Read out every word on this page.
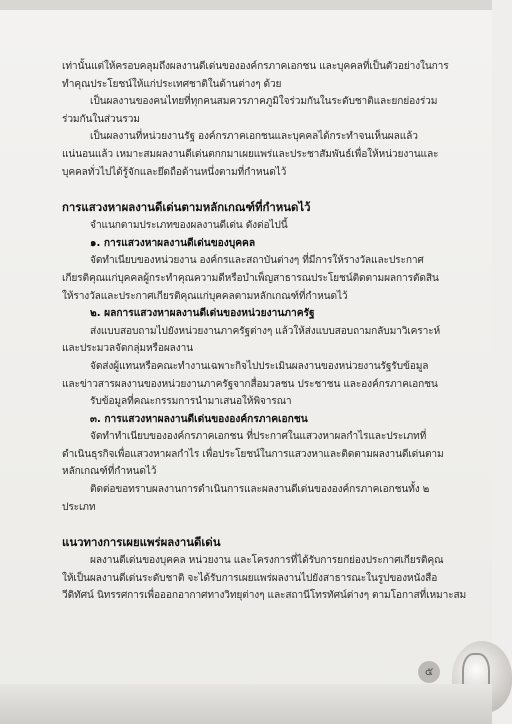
เท่านั้นแต่ให้ครอบคลุมถึงผลงานดีเด่นขององค์กรภาคเอกชน และบุคคลที่เป็นตัวอย่างในการ
ทำคุณประโยชน์ให้แก่ประเทศชาติในด้านต่างๆ ด้วย
เป็นผลงานของคนไทยที่ทุกคนสมควรภาคภูมิใจร่วมกันในระดับชาติและยกย่องร่วม
ร่วมกันในส่วนรวม
เป็นผลงานที่หน่วยงานรัฐ องค์กรภาคเอกชนและบุคคลได้กระทำจนเห็นผลแล้ว
แน่นอนแล้ว เหมาะสมผลงานดีเด่นตกกมาเผยแพร่และประชาสัมพันธ์เพื่อให้หน่วยงานและ
บุคคลทั่วไปได้รู้จักและยึดถือด้านหนึ่งตามที่กำหนดไว้
การแสวงหาผลงานดีเด่นตามหลักเกณฑ์ที่กำหนดไว้
จำแนกตามประเภทของผลงานดีเด่น ดังต่อไปนี้
๑. การแสวงหาผลงานดีเด่นของบุคคล
จัดทำเนียบของหน่วยงาน องค์กรและสถาบันต่างๆ ที่มีการให้รางวัลและประกาศ
เกียรติคุณแก่บุคคลผู้กระทำคุณความดีหรือบำเพ็ญสาธารณประโยชน์ติดตามผลการตัดสิน
ให้รางวัลและประกาศเกียรติคุณแก่บุคคลตามหลักเกณฑ์ที่กำหนดไว้
๒. ผลการแสวงหาผลงานดีเด่นของหน่วยงานภาครัฐ
ส่งแบบสอบถามไปยังหน่วยงานภาครัฐต่างๆ แล้วให้ส่งแบบสอบถามกลับมาวิเคราะห์
และประมวลจัดกลุ่มหรือผลงาน
จัดส่งผู้แทนหรือคณะทำงานเฉพาะกิจไปประเมินผลงานของหน่วยงานรัฐรับข้อมูล
และข่าวสารผลงานของหน่วยงานภาครัฐจากสื่อมวลชน ประชาชน และองค์กรภาคเอกชน
รับข้อมูลที่คณะกรรมการนำมาเสนอให้พิจารณา
๓. การแสวงหาผลงานดีเด่นขององค์กรภาคเอกชน
จัดทำทำเนียบขององค์กรภาคเอกชน ที่ประกาศในแสวงหาผลกำไรและประเภทที่
ดำเนินธุรกิจเพื่อแสวงหาผลกำไร เพื่อประโยชน์ในการแสวงหาและติดตามผลงานดีเด่นตาม
หลักเกณฑ์ที่กำหนดไว้
ติดต่อขอทราบผลงานการดำเนินการและผลงานดีเด่นขององค์กรภาคเอกชนทั้ง ๒
ประเภท
แนวทางการเผยแพร่ผลงานดีเด่น
ผลงานดีเด่นของบุคคล หน่วยงาน และโครงการที่ได้รับการยกย่องประกาศเกียรติคุณ
ให้เป็นผลงานดีเด่นระดับชาติ จะได้รับการเผยแพร่ผลงานไปยังสาธารณะในรูปของหนังสือ
วีดิทัศน์ นิทรรศการเพื่อออกอากาศทางวิทยุต่างๆ และสถานีโทรทัศน์ต่างๆ ตามโอกาสที่เหมาะสม
๕
